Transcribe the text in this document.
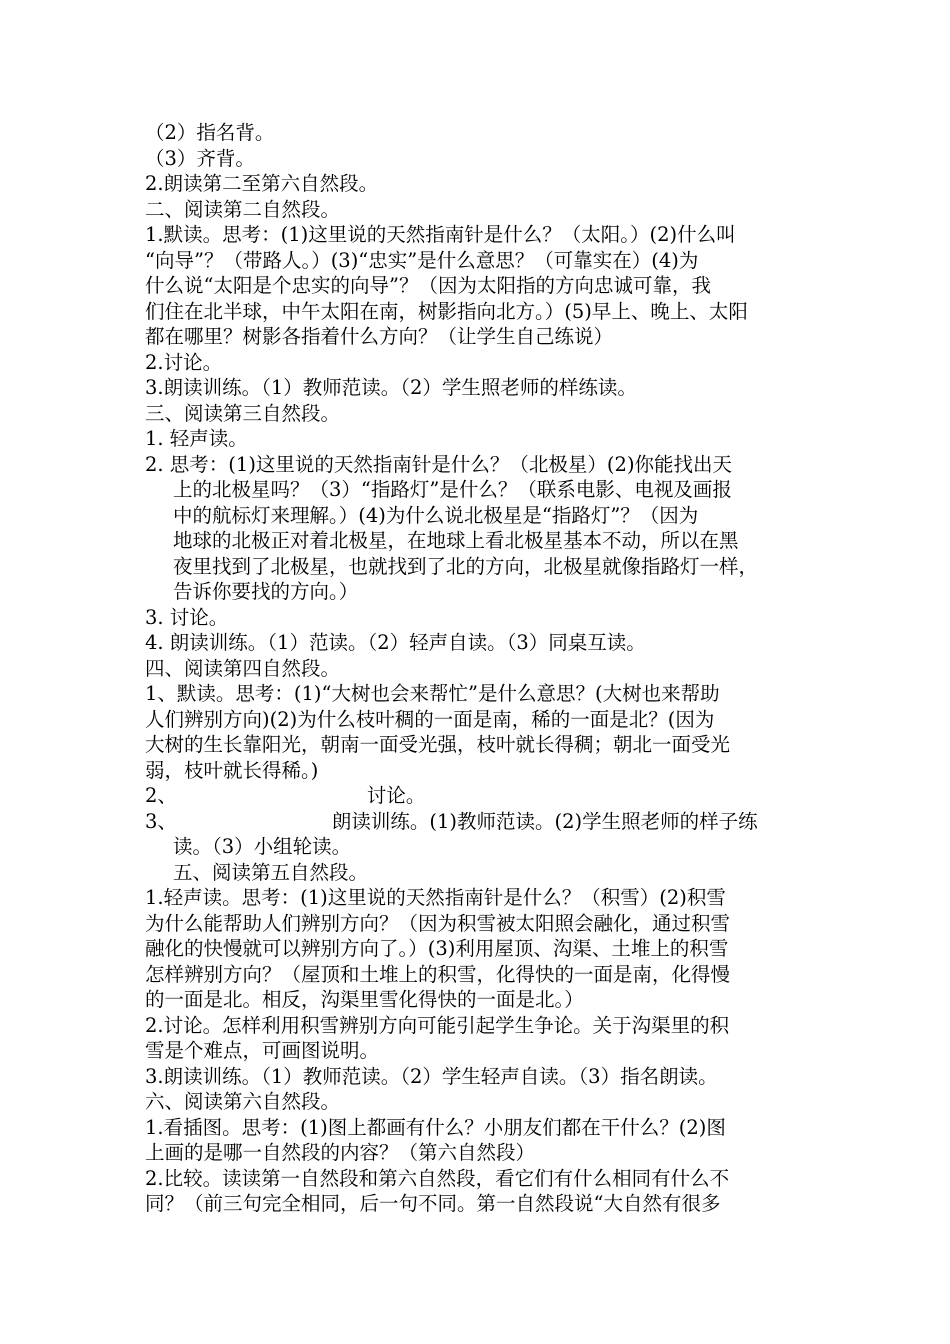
（2）指名背。
（3）齐背。
2.朗读第二至第六自然段。
二、阅读第二自然段。
1.默读。思考：(1)这里说的天然指南针是什么？（太阳。）(2)什么叫
“向导”？（带路人。）(3)“忠实”是什么意思？（可靠实在）(4)为
什么说“太阳是个忠实的向导”？（因为太阳指的方向忠诚可靠，我
们住在北半球，中午太阳在南，树影指向北方。）(5)早上、晚上、太阳
都在哪里？树影各指着什么方向？（让学生自己练说）
2.讨论。
3.朗读训练。（1）教师范读。（2）学生照老师的样练读。
三、阅读第三自然段。
1. 轻声读。
2. 思考：(1)这里说的天然指南针是什么？（北极星）(2)你能找出天
上的北极星吗？（3）“指路灯”是什么？（联系电影、电视及画报
中的航标灯来理解。）(4)为什么说北极星是“指路灯”？（因为
地球的北极正对着北极星，在地球上看北极星基本不动，所以在黑
夜里找到了北极星，也就找到了北的方向，北极星就像指路灯一样，
告诉你要找的方向。）
3. 讨论。
4. 朗读训练。（1）范读。（2）轻声自读。（3）同桌互读。
四、阅读第四自然段。
1、默读。思考：(1)“大树也会来帮忙”是什么意思？(大树也来帮助
人们辨别方向)(2)为什么枝叶稠的一面是南，稀的一面是北？(因为
大树的生长靠阳光，朝南一面受光强，枝叶就长得稠；朝北一面受光
弱，枝叶就长得稀。)
2、	讨论。
3、	朗读训练。(1)教师范读。(2)学生照老师的样子练
读。（3）小组轮读。
五、阅读第五自然段。
1.轻声读。思考：(1)这里说的天然指南针是什么？（积雪）(2)积雪
为什么能帮助人们辨别方向？（因为积雪被太阳照会融化，通过积雪
融化的快慢就可以辨别方向了。）(3)利用屋顶、沟渠、土堆上的积雪
怎样辨别方向？（屋顶和土堆上的积雪，化得快的一面是南，化得慢
的一面是北。相反，沟渠里雪化得快的一面是北。）
2.讨论。怎样利用积雪辨别方向可能引起学生争论。关于沟渠里的积
雪是个难点，可画图说明。
3.朗读训练。（1）教师范读。（2）学生轻声自读。（3）指名朗读。
六、阅读第六自然段。
1.看插图。思考：(1)图上都画有什么？小朋友们都在干什么？(2)图
上画的是哪一自然段的内容？（第六自然段）
2.比较。读读第一自然段和第六自然段，看它们有什么相同有什么不
同？（前三句完全相同，后一句不同。第一自然段说“大自然有很多
